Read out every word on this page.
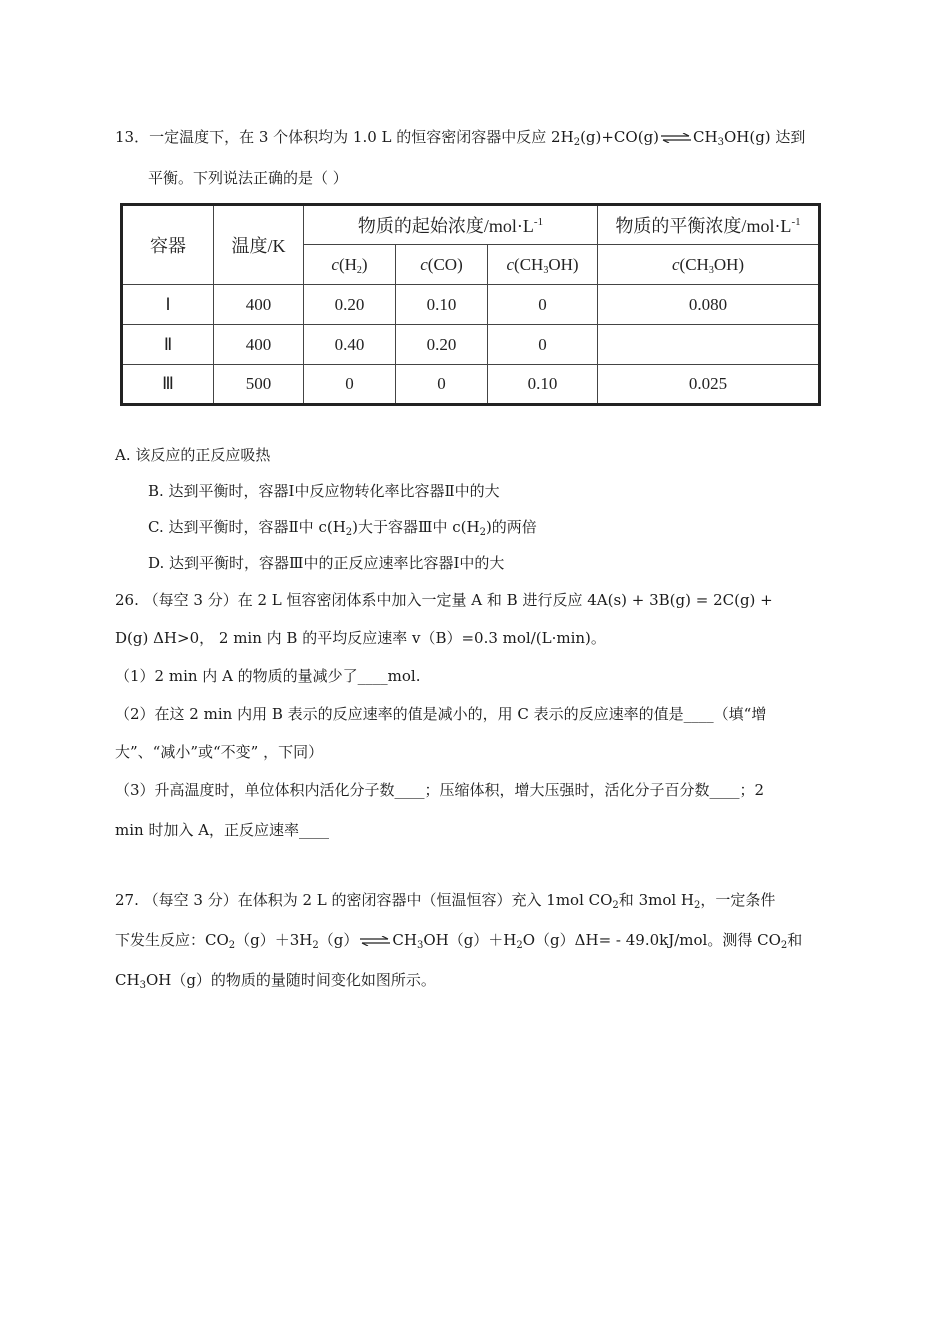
13．一定温度下，在 3 个体积均为 1.0 L 的恒容密闭容器中反应 $2H_2(g)+CO(g)$ ⇌ $CH_3OH(g)$ 达到
平衡。下列说法正确的是（ ）
容器	温度/K	物质的起始浓度$/mol\cdot L^{-1}$			物质的平衡浓度$/mol\cdot L^{-1}$
		$c(H_2)$	c(CO)	$c(CH_3OH)$	$c(CH_3OH)$
Ⅰ	400	0.20	0.10	0	0.080
Ⅱ	400	0.40	0.20	0	
Ⅲ	500	0	0	0.10	0.025
A. 该反应的正反应吸热
B. 达到平衡时，容器Ⅰ中反应物转化率比容器Ⅱ中的大
C. 达到平衡时，容器Ⅱ中 $c(H_2)$大于容器Ⅲ中 $c(H_2)$的两倍
D. 达到平衡时，容器Ⅲ中的正反应速率比容器Ⅰ中的大
26. （每空 3 分）在 2 L 恒容密闭体系中加入一定量 A 和 B 进行反应 4A(s) + 3B(g) = 2C(g) +
D(g) ΔH>0， 2 min 内 B 的平均反应速率 v（B）=0.3 mol/(L·min)。
（1）2 min 内 A 的物质的量减少了____mol.
（2）在这 2 min 内用 B 表示的反应速率的值是减小的，用 C 表示的反应速率的值是____（填“增
大”、“减小”或“不变” ，下同）
（3）升高温度时，单位体积内活化分子数____；压缩体积，增大压强时，活化分子百分数____；2
min 时加入 A，正反应速率____
27. （每空 3 分）在体积为 2 L 的密闭容器中（恒温恒容）充入 1mol $CO_2$和 3mol $H_2$，一定条件
下发生反应：$CO_2(g)+3H_2(g)$ ⇌ $CH_3OH(g)+H_2O(g)\Delta H= - 49.0kJ/mol$。测得 $CO_2$和
$CH_3OH(g)$的物质的量随时间变化如图所示。
